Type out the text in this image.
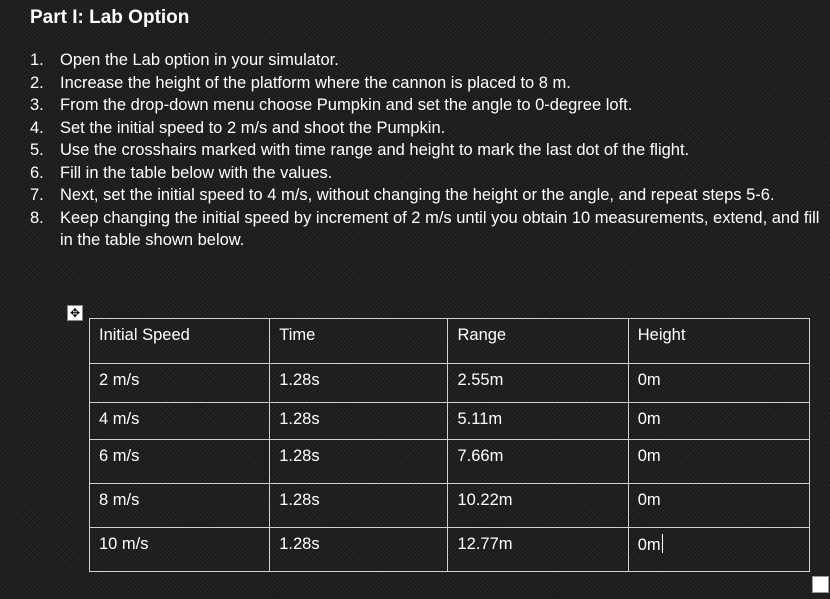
Part I: Lab Option
1. Open the Lab option in your simulator.
2. Increase the height of the platform where the cannon is placed to 8 m.
3. From the drop-down menu choose Pumpkin and set the angle to 0-degree loft.
4. Set the initial speed to 2 m/s and shoot the Pumpkin.
5. Use the crosshairs marked with time range and height to mark the last dot of the flight.
6. Fill in the table below with the values.
7. Next, set the initial speed to 4 m/s, without changing the height or the angle, and repeat steps 5-6.
8. Keep changing the initial speed by increment of 2 m/s until you obtain 10 measurements, extend, and fill in the table shown below.
✥
Initial Speed	Time	Range	Height
2 m/s	1.28s	2.55m	0m
4 m/s	1.28s	5.11m	0m
6 m/s	1.28s	7.66m	0m
8 m/s	1.28s	10.22m	0m
10 m/s	1.28s	12.77m	0m
